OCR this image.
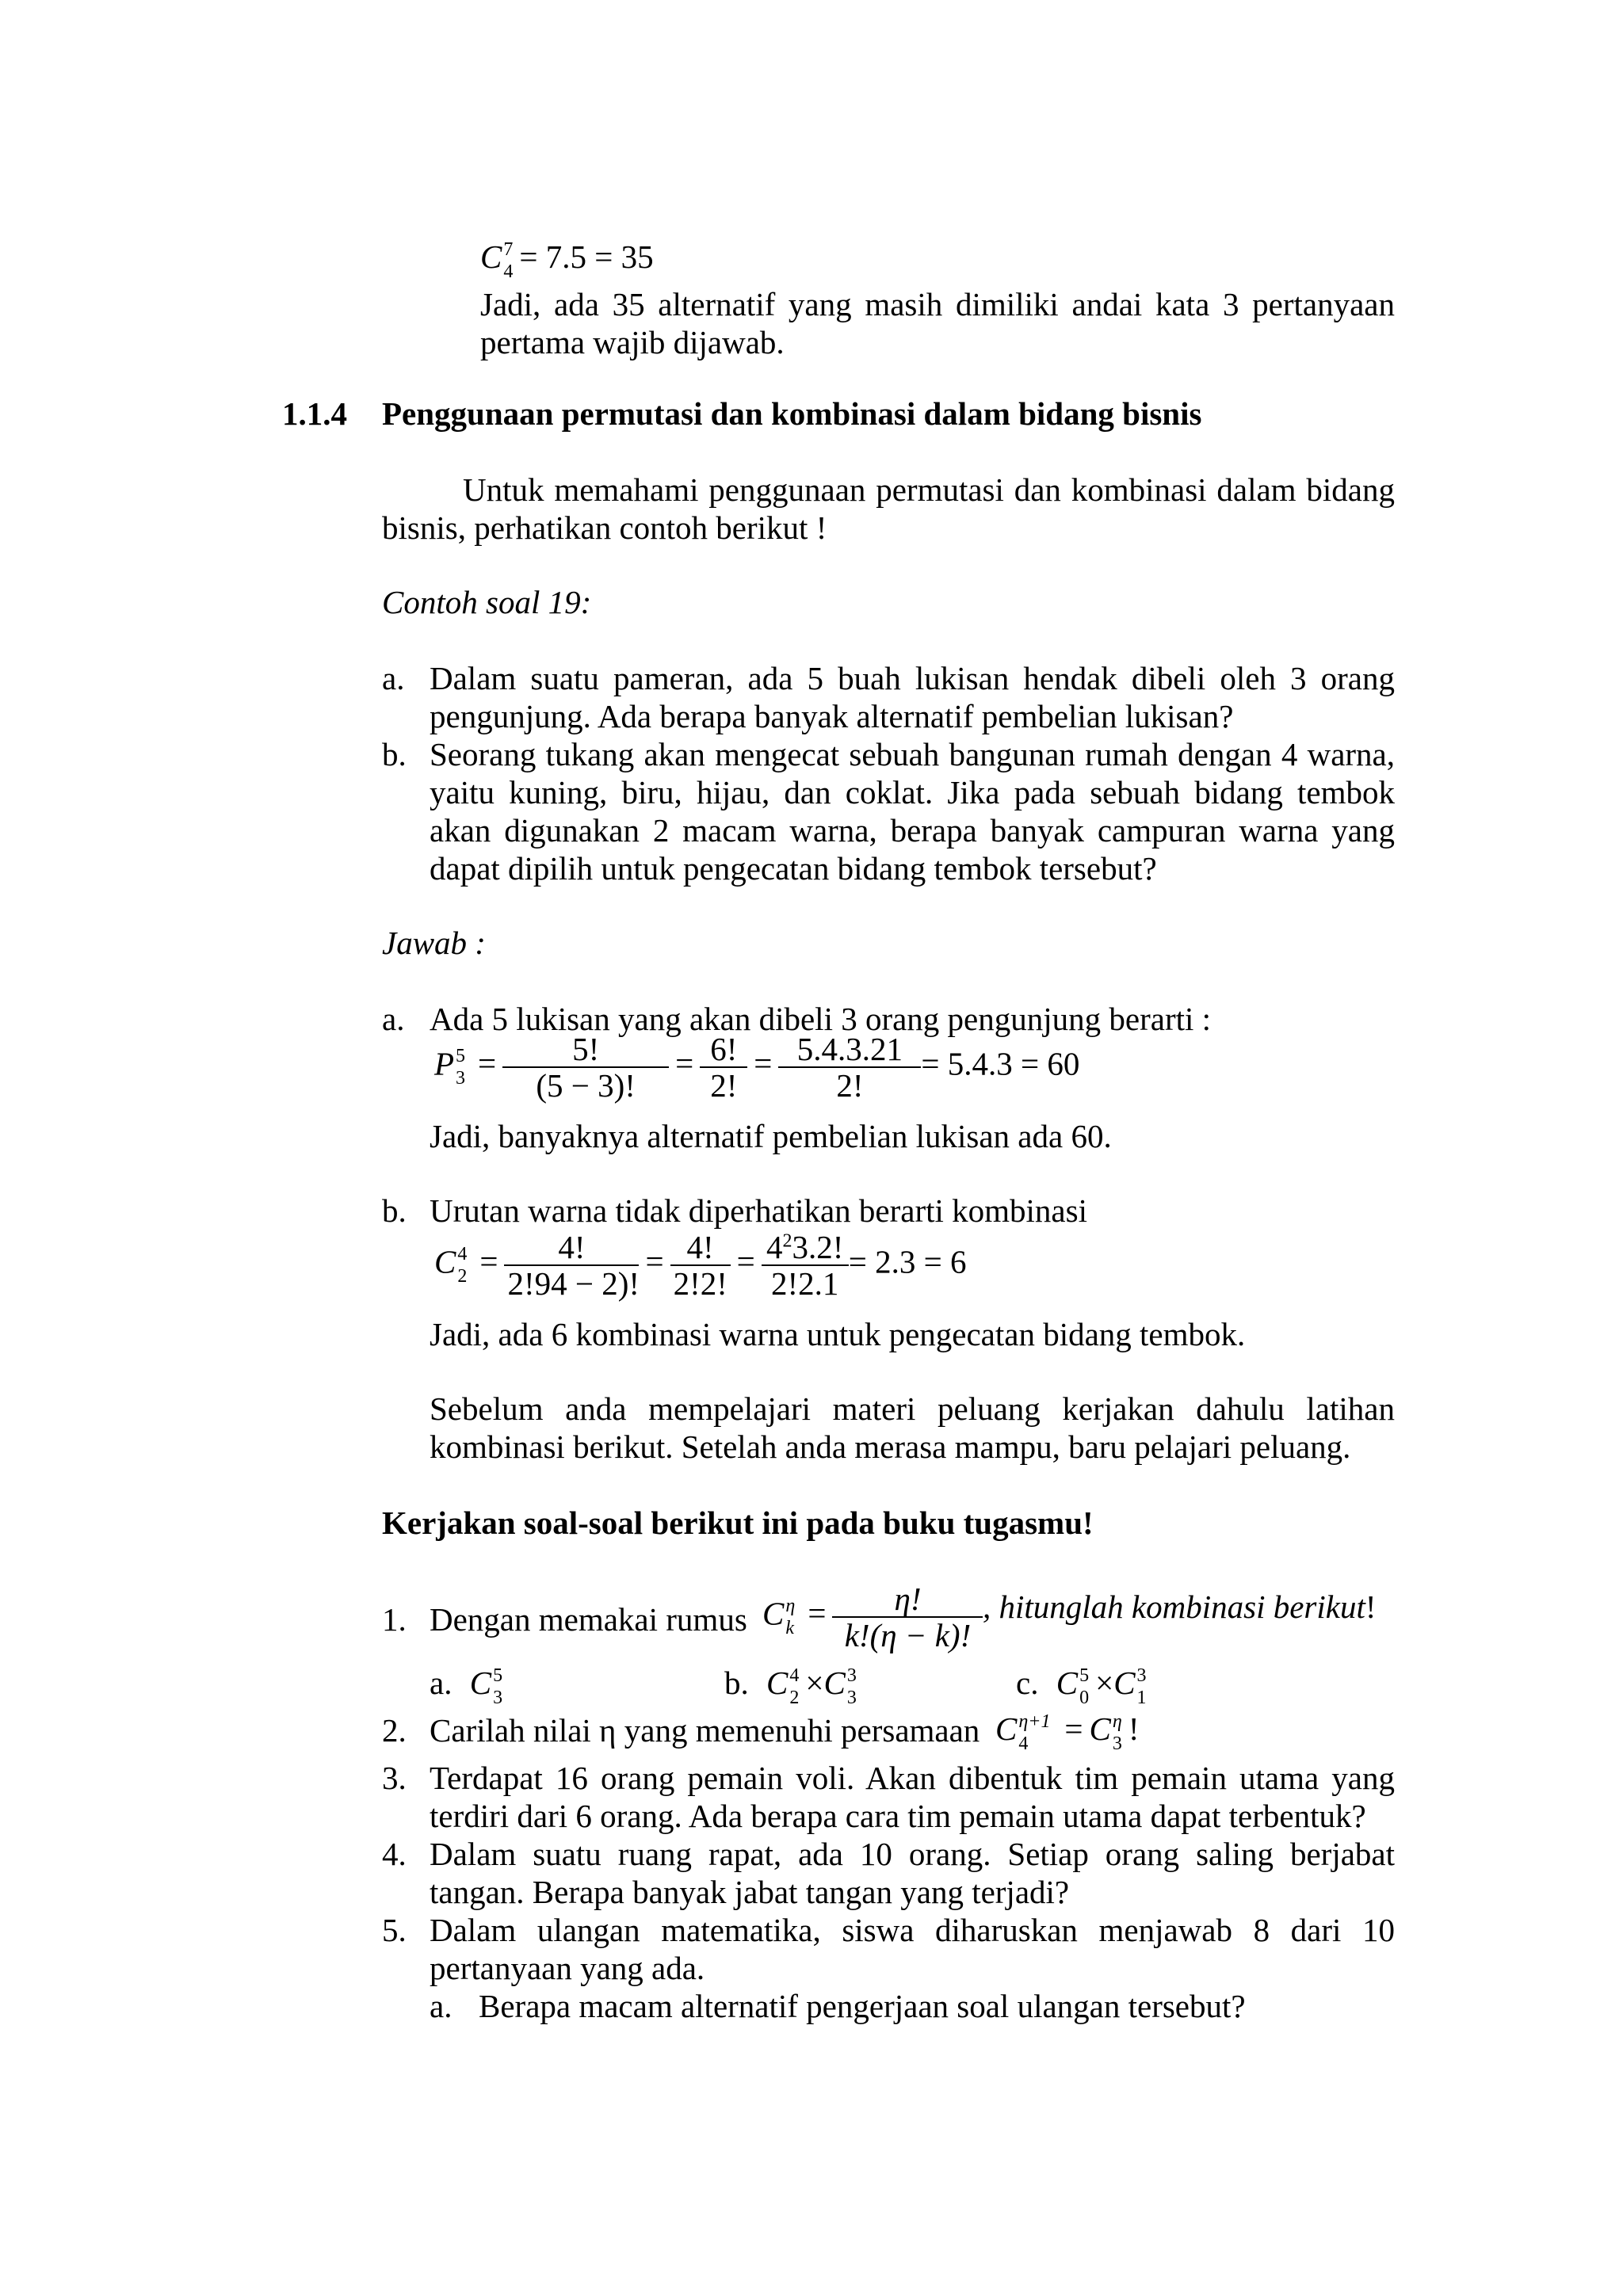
C 7
4 = 7.5 = 35
Jadi, ada 35 alternatif yang masih dimiliki andai kata 3 pertanyaan
pertama wajib dijawab.
1.1.4 Penggunaan permutasi dan kombinasi dalam bidang bisnis
Untuk memahami penggunaan permutasi dan kombinasi dalam bidang
bisnis, perhatikan contoh berikut !
Contoh soal 19:
a. Dalam suatu pameran, ada 5 buah lukisan hendak dibeli oleh 3 orang
pengunjung. Ada berapa banyak alternatif pembelian lukisan?
b. Seorang tukang akan mengecat sebuah bangunan rumah dengan 4 warna,
yaitu kuning, biru, hijau, dan coklat. Jika pada sebuah bidang tembok
akan digunakan 2 macam warna, berapa banyak campuran warna yang
dapat dipilih untuk pengecatan bidang tembok tersebut?
Jawab :
a. Ada 5 lukisan yang akan dibeli 3 orang pengunjung berarti :
P 5
$3 = \frac{5!}{(5 - 3)!} = \frac{6!}{2!} = \frac{5.4.3.21}{2!} = 5.4.3 = 60$
Jadi, banyaknya alternatif pembelian lukisan ada 60.
b. Urutan warna tidak diperhatikan berarti kombinasi
C 4
$2 = \frac{4!}{2!94 - 2)!} = \frac{4!}{2!2!} = \frac{4^23.2!}{2!2.1} = 2.3 = 6$
Jadi, ada 6 kombinasi warna untuk pengecatan bidang tembok.
Sebelum anda mempelajari materi peluang kerjakan dahulu latihan
kombinasi berikut. Setelah anda merasa mampu, baru pelajari peluang.
Kerjakan soal-soal berikut ini pada buku tugasmu!
1. Dengan memakai rumus C η
$k = \frac{\eta!}{k!(\eta - k)!}$ , hitunglah kombinasi berikut!
a. C 5
3	b. C 4
2 ×C 3
3	c. C 5
0 ×C 3
1
2. Carilah nilai η yang memenuhi persamaan C η+1
4 = C η
3 !
3. Terdapat 16 orang pemain voli. Akan dibentuk tim pemain utama yang
terdiri dari 6 orang. Ada berapa cara tim pemain utama dapat terbentuk?
4. Dalam suatu ruang rapat, ada 10 orang. Setiap orang saling berjabat
tangan. Berapa banyak jabat tangan yang terjadi?
5. Dalam ulangan matematika, siswa diharuskan menjawab 8 dari 10
pertanyaan yang ada.
a. Berapa macam alternatif pengerjaan soal ulangan tersebut?
